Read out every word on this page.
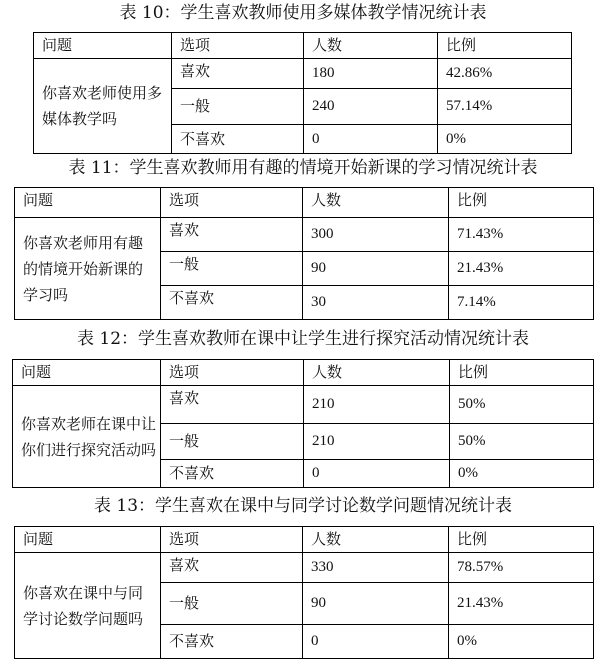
表 10：学生喜欢教师使用多媒体教学情况统计表
问题	选项	人数	比例
你喜欢老师使用多媒体教学吗	喜欢	180	42.86%
	一般	240	57.14%
	不喜欢	0	0%
表 11：学生喜欢教师用有趣的情境开始新课的学习情况统计表
问题	选项	人数	比例
你喜欢老师用有趣的情境开始新课的学习吗	喜欢	300	71.43%
	一般	90	21.43%
	不喜欢	30	7.14%
表 12：学生喜欢教师在课中让学生进行探究活动情况统计表
问题	选项	人数	比例
你喜欢老师在课中让你们进行探究活动吗	喜欢	210	50%
	一般	210	50%
	不喜欢	0	0%
表 13：学生喜欢在课中与同学讨论数学问题情况统计表
问题	选项	人数	比例
你喜欢在课中与同学讨论数学问题吗	喜欢	330	78.57%
	一般	90	21.43%
	不喜欢	0	0%
